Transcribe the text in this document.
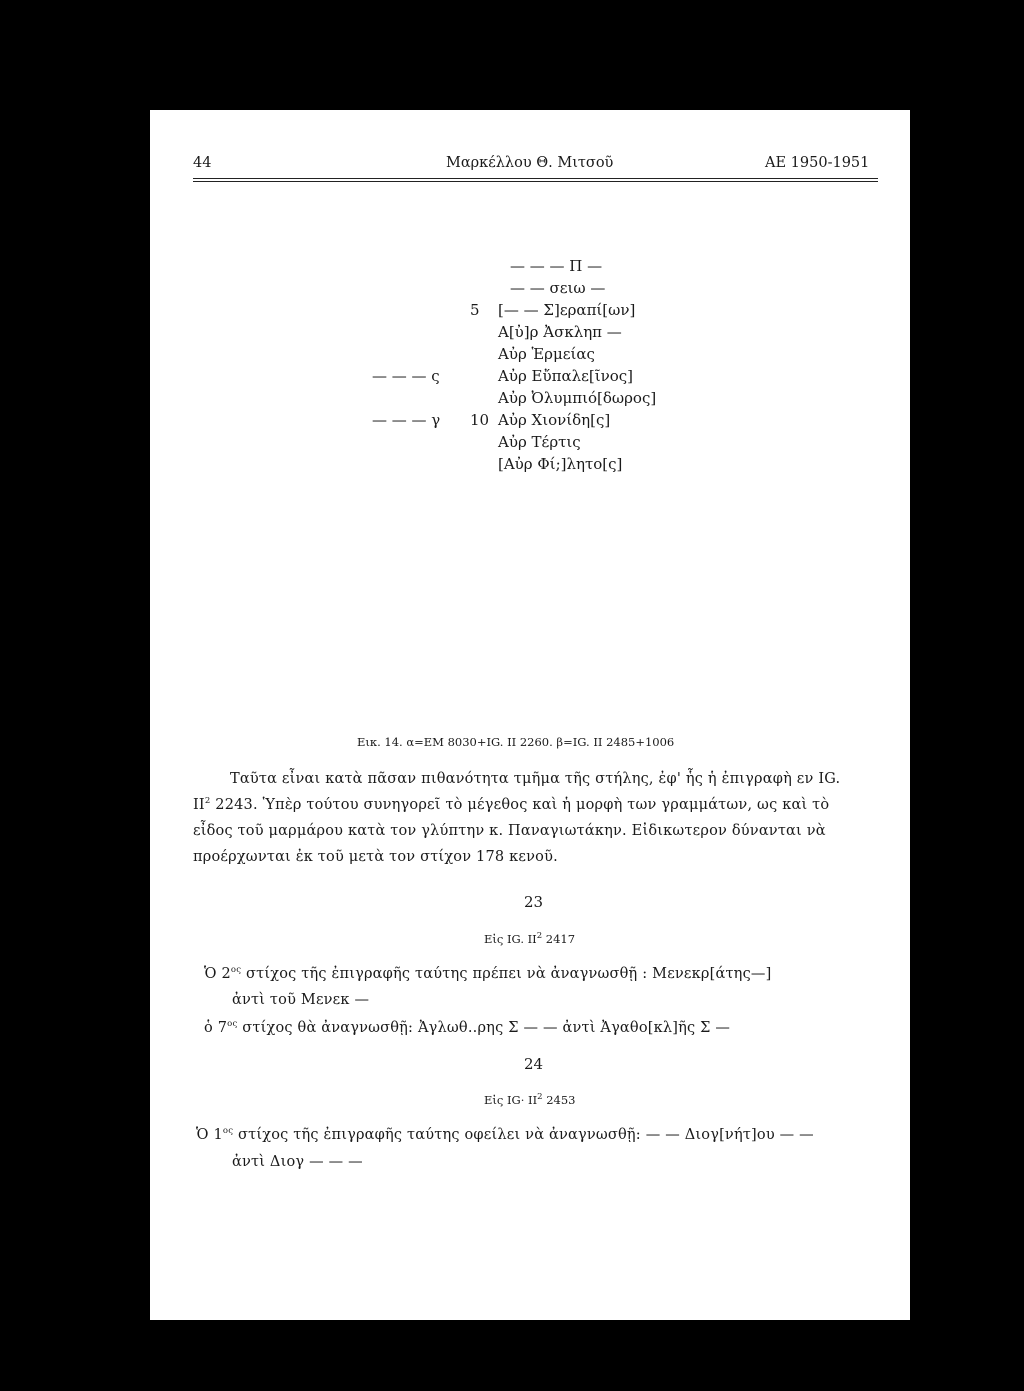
44	Μαρκέλλου Θ. Μιτσοῦ	ΑΕ 1950-1951
— — — Π —
— — σειω —
5 [— — Σ]εραπί[ων]
Α[ὐ]ρ Ἀσκληπ —
Αὐρ Ἑρμείας
— — — ς	Αὐρ Εὔπαλε[ῖνος]
Αὐρ Ὀλυμπιό[δωρος]
— — — γ 10 Αὐρ Χιονίδη[ς]
Αὐρ Τέρτις
[Αὐρ Φί;]λητο[ς]
Εικ. 14. α=ΕΜ 8030+IG. II 2260. β=IG. II 2485+1006
Ταῦτα εἶναι κατὰ πᾶσαν πιθανότητα τμῆμα τῆς στήλης, ἐφ' ἧς ἡ ἐπιγραφὴ εν IG.
$II^2$ 2243. Ὑπὲρ τούτου συνηγορεῖ τὸ μέγεθος καὶ ἡ μορφὴ των γραμμάτων, ως καὶ τὸ
εἶδος τοῦ μαρμάρου κατὰ τον γλύπτην κ. Παναγιωτάκην. Εἰδικωτερον δύνανται νὰ
προέρχωνται ἐκ τοῦ μετὰ τον στίχον 178 κενοῦ.
23
Εἰς IG. $II^2$ 2417
Ὁ $2^{o\varsigma}$ στίχος τῆς ἐπιγραφῆς ταύτης πρέπει νὰ ἀναγνωσθῇ : Μενεκρ[άτης—]
ἀντὶ τοῦ Μενεκ —
ὁ $7^{o\varsigma}$ στίχος θὰ ἀναγνωσθῇ: Ἀγλωθ..ρης Σ — — ἀντὶ Ἀγαθο[κλ]ῆς Σ —
24
Εἰς $IG\cdot II^2$ 2453
Ὁ $1^{o\varsigma}$ στίχος τῆς ἐπιγραφῆς ταύτης οφείλει νὰ ἀναγνωσθῇ: — — Διογ[νήτ]ου — —
ἀντὶ Διογ — — —
